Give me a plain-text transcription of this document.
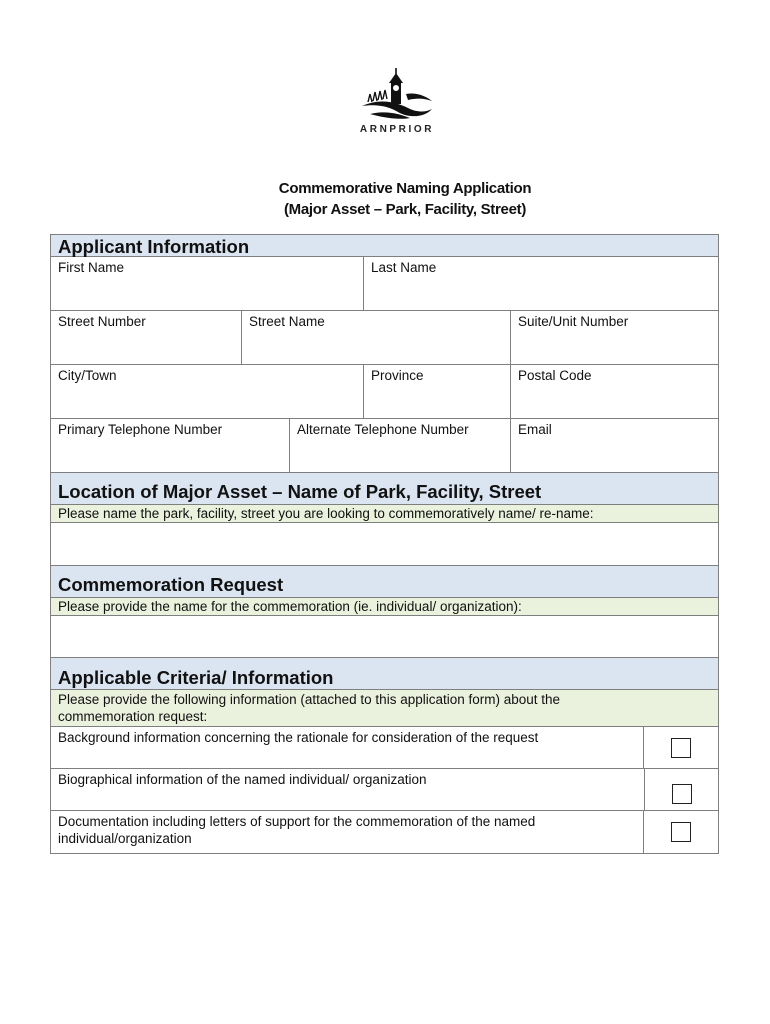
ARNPRIOR
Commemorative Naming Application
(Major Asset – Park, Facility, Street)
Applicant Information
First Name	Last Name
Street Number	Street Name	Suite/Unit Number
City/Town	Province	Postal Code
Primary Telephone Number	Alternate Telephone Number	Email
Location of Major Asset – Name of Park, Facility, Street
Please name the park, facility, street you are looking to commemoratively name/ re-name:
Commemoration Request
Please provide the name for the commemoration (ie. individual/ organization):
Applicable Criteria/ Information
Please provide the following information (attached to this application form) about the commemoration request:
Background information concerning the rationale for consideration of the request
Biographical information of the named individual/ organization
Documentation including letters of support for the commemoration of the named individual/organization
